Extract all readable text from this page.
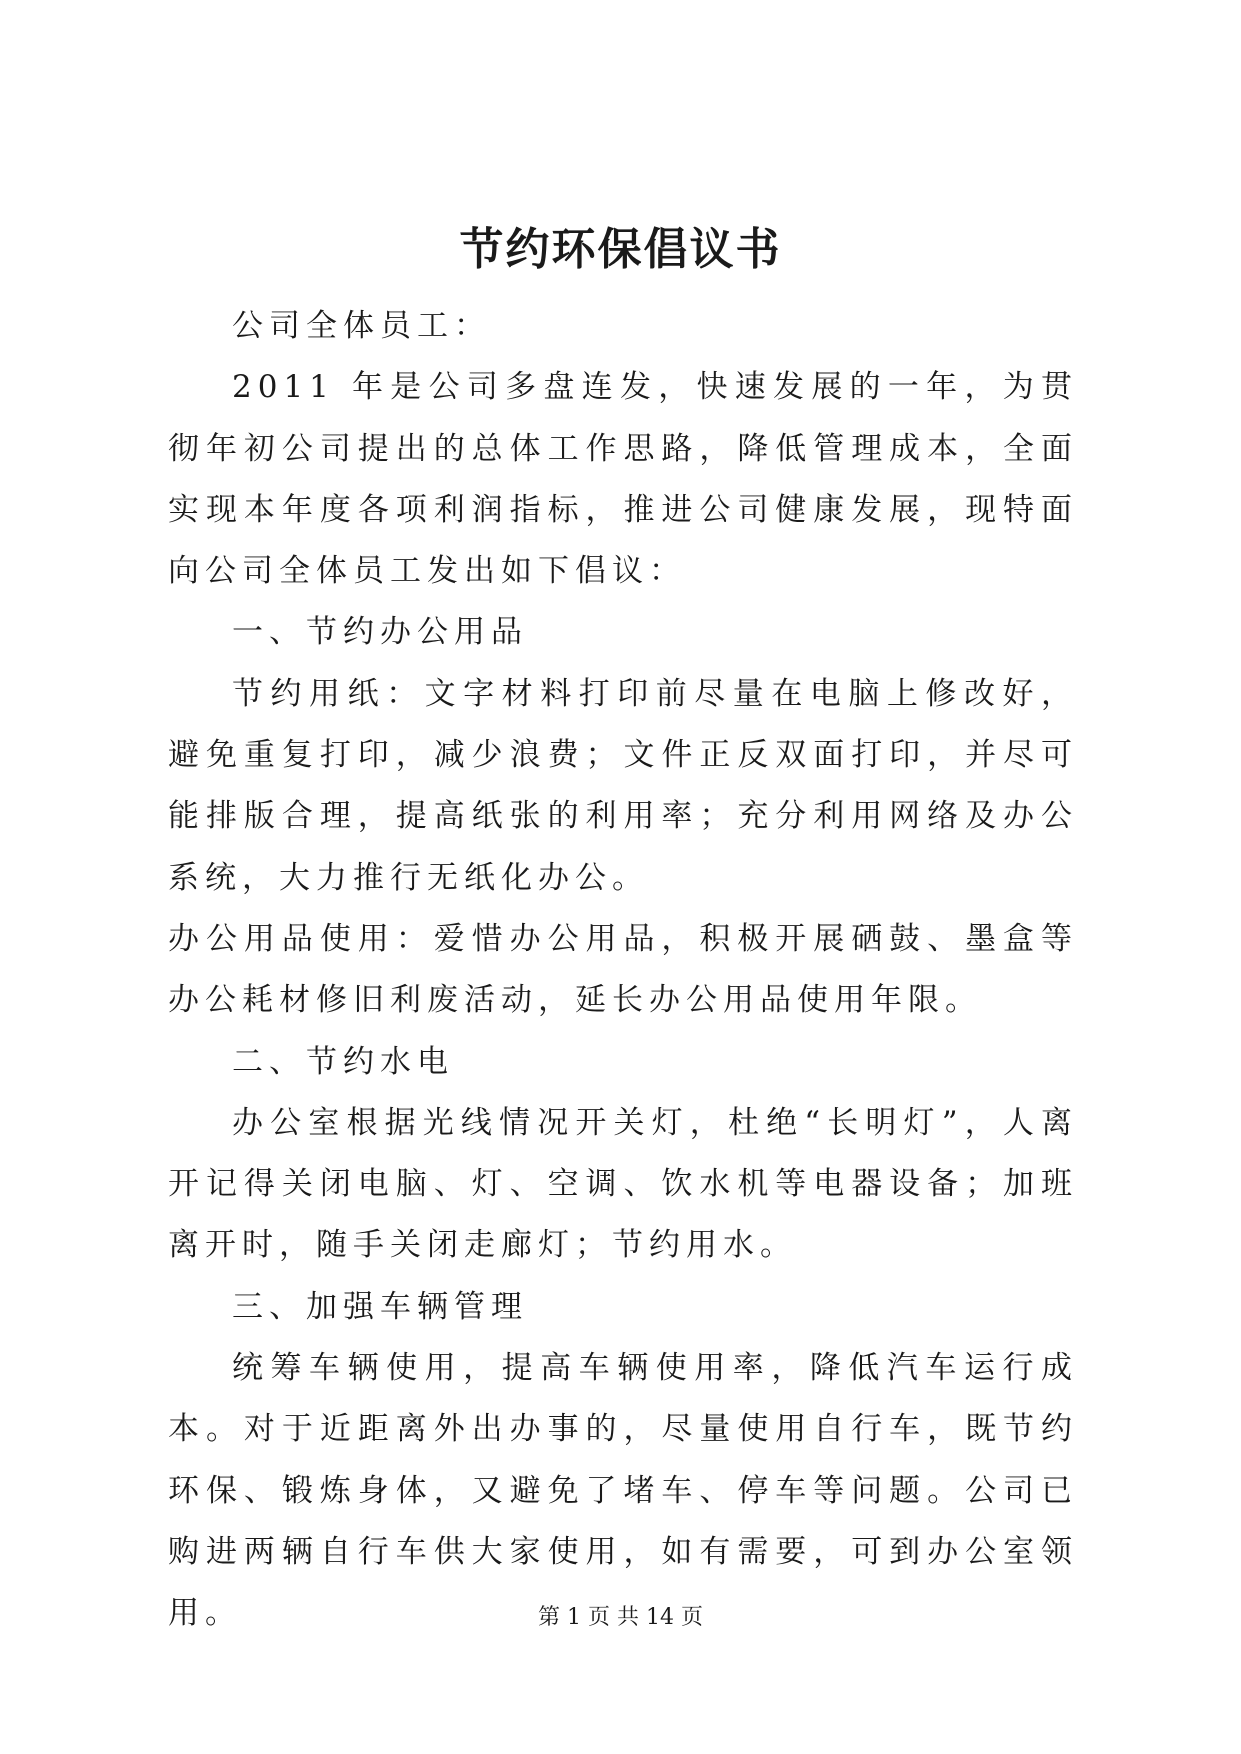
节约环保倡议书

公司全体员工：

2011 年是公司多盘连发，快速发展的一年，为贯彻年初公司提出的总体工作思路，降低管理成本，全面实现本年度各项利润指标，推进公司健康发展，现特面向公司全体员工发出如下倡议：

一、节约办公用品

节约用纸：文字材料打印前尽量在电脑上修改好，避免重复打印，减少浪费；文件正反双面打印，并尽可能排版合理，提高纸张的利用率；充分利用网络及办公系统，大力推行无纸化办公。

办公用品使用：爱惜办公用品，积极开展硒鼓、墨盒等办公耗材修旧利废活动，延长办公用品使用年限。

二、节约水电

办公室根据光线情况开关灯，杜绝“长明灯”，人离开记得关闭电脑、灯、空调、饮水机等电器设备；加班离开时，随手关闭走廊灯；节约用水。

三、加强车辆管理

统筹车辆使用，提高车辆使用率，降低汽车运行成本。对于近距离外出办事的，尽量使用自行车，既节约环保、锻炼身体，又避免了堵车、停车等问题。公司已购进两辆自行车供大家使用，如有需要，可到办公室领用。	第 1 页 共 14 页
